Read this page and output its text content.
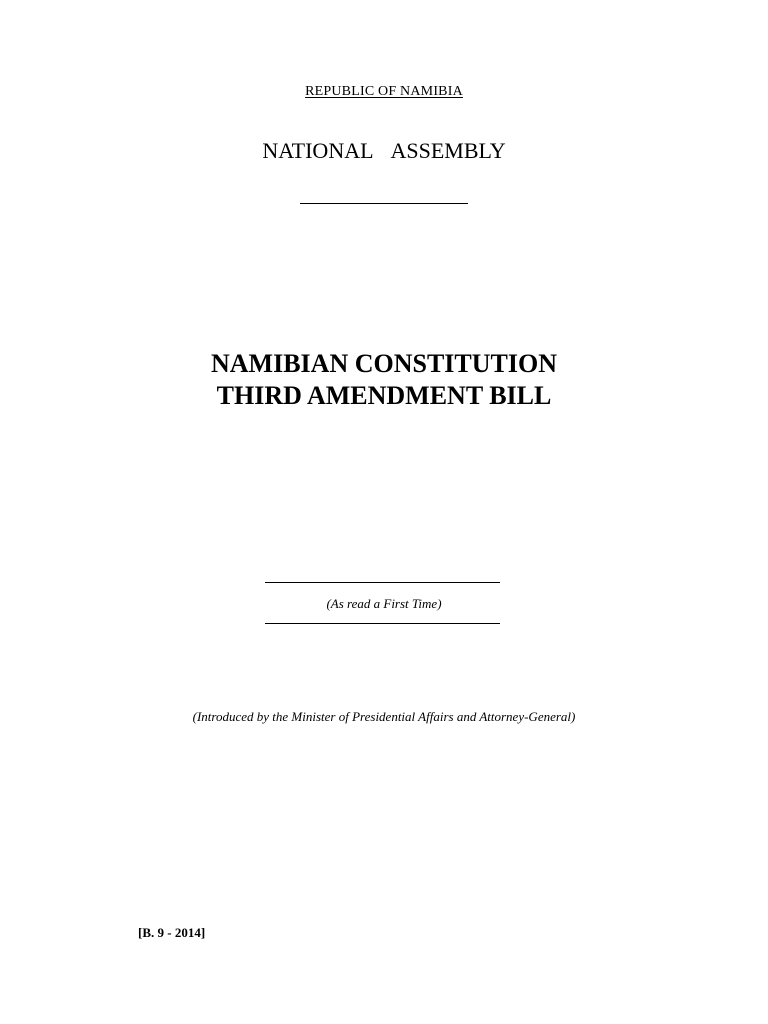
REPUBLIC OF NAMIBIA
NATIONAL  ASSEMBLY
NAMIBIAN CONSTITUTION
THIRD AMENDMENT BILL
(As read a First Time)
(Introduced by the Minister of Presidential Affairs and Attorney-General)
[B. 9 - 2014]
